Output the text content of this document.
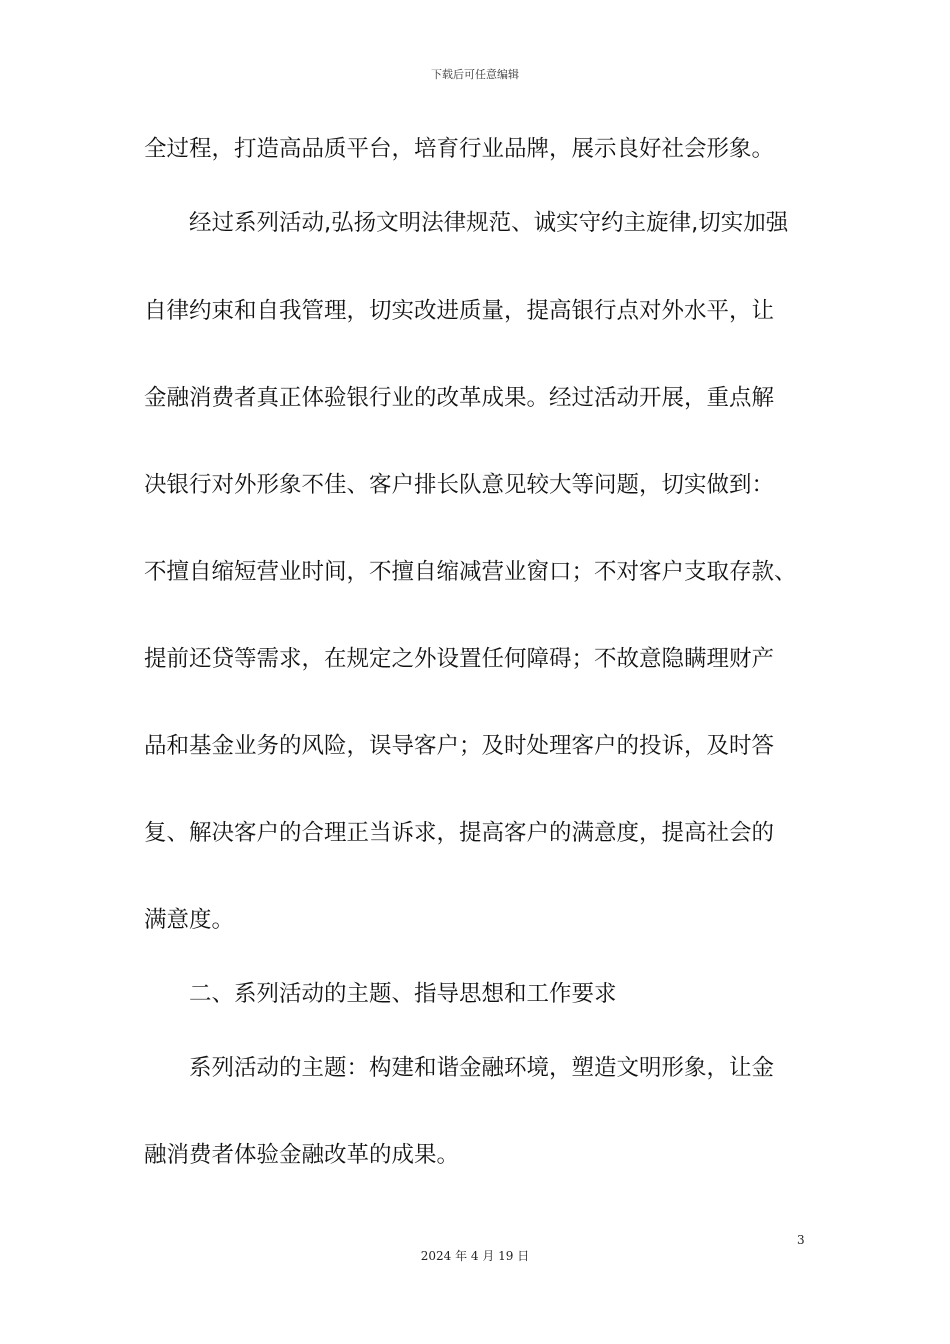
下载后可任意编辑
全过程，打造高品质平台，培育行业品牌，展示良好社会形象。
　　经过系列活动,弘扬文明法律规范、诚实守约主旋律,切实加强
自律约束和自我管理，切实改进质量，提高银行点对外水平，让
金融消费者真正体验银行业的改革成果。经过活动开展，重点解
决银行对外形象不佳、客户排长队意见较大等问题，切实做到：
不擅自缩短营业时间，不擅自缩减营业窗口；不对客户支取存款、
提前还贷等需求，在规定之外设置任何障碍；不故意隐瞒理财产
品和基金业务的风险，误导客户；及时处理客户的投诉，及时答
复、解决客户的合理正当诉求，提高客户的满意度，提高社会的
满意度。
　　二、系列活动的主题、指导思想和工作要求
　　系列活动的主题：构建和谐金融环境，塑造文明形象，让金
融消费者体验金融改革的成果。
3
2024 年 4 月 19 日
